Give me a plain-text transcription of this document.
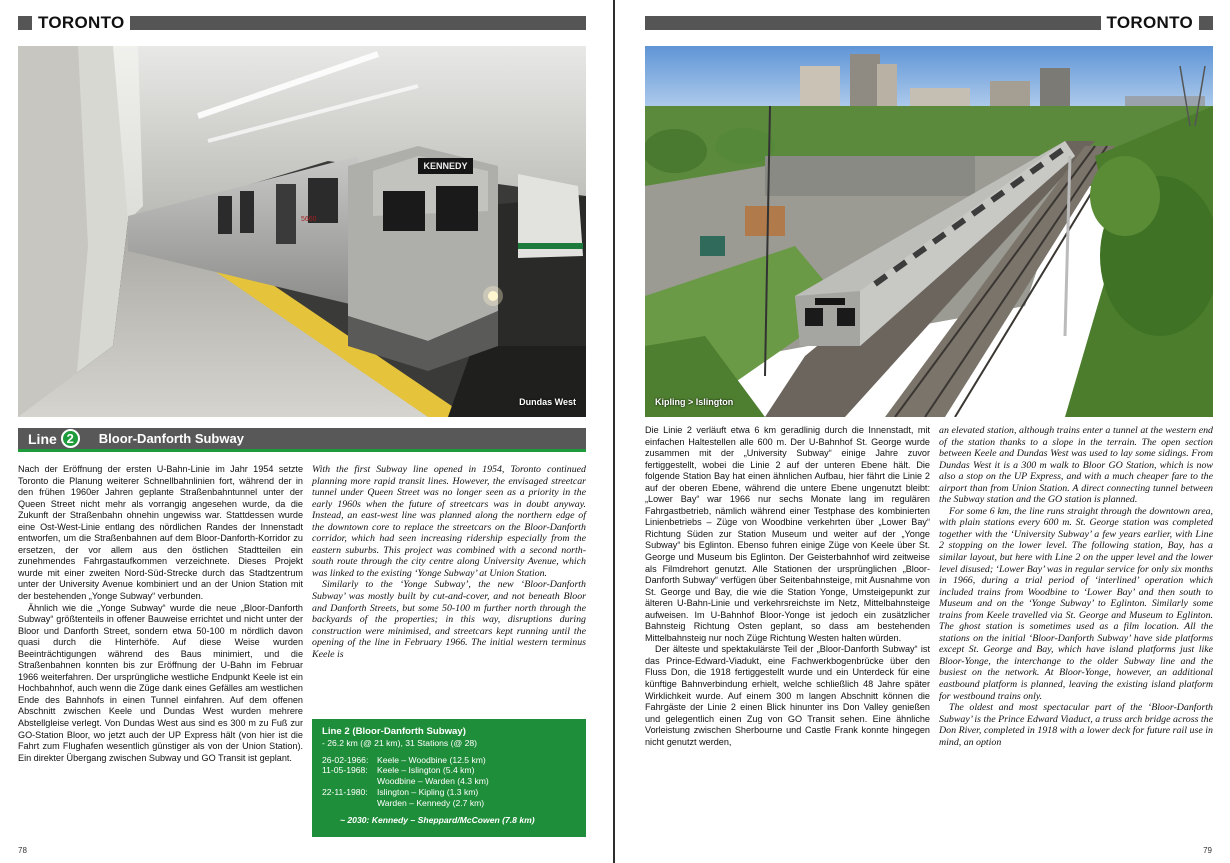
TORONTO
KENNEDY
5660
Dundas West
Line 2	Bloor-Danforth Subway

Nach der Eröffnung der ersten U-Bahn-Linie im Jahr 1954 setzte Toronto die Planung weiterer Schnellbahnlinien fort, während der in den frühen 1960er Jahren geplante Straßenbahntunnel unter der Queen Street nicht mehr als vorrangig angesehen wurde, da die Zukunft der Straßenbahn ohnehin ungewiss war. Stattdessen wurde eine Ost-West-Linie entlang des nördlichen Randes der Innenstadt entworfen, um die Straßenbahnen auf dem Bloor-Danforth-Korridor zu ersetzen, der vor allem aus den östlichen Stadtteilen ein zunehmendes Fahrgastaufkommen verzeichnete. Dieses Projekt wurde mit einer zweiten Nord-Süd-Strecke durch das Stadtzentrum unter der University Avenue kombiniert und an der Union Station mit der bestehenden „Yonge Subway“ verbunden.

Ähnlich wie die „Yonge Subway“ wurde die neue „Bloor-Danforth Subway“ größtenteils in offener Bauweise errichtet und nicht unter der Bloor und Danforth Street, sondern etwa 50-100 m nördlich davon quasi durch die Hinterhöfe. Auf diese Weise wurden Beeinträchtigungen während des Baus minimiert, und die Straßenbahnen konnten bis zur Eröffnung der U-Bahn im Februar 1966 weiterfahren. Der ursprüngliche westliche Endpunkt Keele ist ein Hochbahnhof, auch wenn die Züge dank eines Gefälles am westlichen Ende des Bahnhofs in einen Tunnel einfahren. Auf dem offenen Abschnitt zwischen Keele und Dundas West wurden mehrere Abstellgleise verlegt. Von Dundas West aus sind es 300 m zu Fuß zur GO-Station Bloor, wo jetzt auch der UP Express hält (von hier ist die Fahrt zum Flughafen wesentlich günstiger als von der Union Station). Ein direkter Übergang zwischen Subway und GO Transit ist geplant.

With the first Subway line opened in 1954, Toronto continued planning more rapid transit lines. However, the envisaged streetcar tunnel under Queen Street was no longer seen as a priority in the early 1960s when the future of streetcars was in doubt anyway. Instead, an east-west line was planned along the northern edge of the downtown core to replace the streetcars on the Bloor-Danforth corridor, which had seen increasing ridership especially from the eastern suburbs. This project was combined with a second north-south route through the city centre along University Avenue, which was linked to the existing ‘Yonge Subway’ at Union Station.

Similarly to the ‘Yonge Subway’, the new ‘Bloor-Danforth Subway’ was mostly built by cut-and-cover, and not beneath Bloor and Danforth Streets, but some 50-100 m further north through the backyards of the properties; in this way, disruptions during construction were minimised, and streetcars kept running until the opening of the line in February 1966. The initial western terminus Keele is

Line 2 (Bloor-Danforth Subway)
- 26.2 km (@ 21 km), 31 Stations (@ 28)
26-02-1966:	Keele – Woodbine (12.5 km)
11-05-1968:	Keele – Islington (5.4 km)
Woodbine – Warden (4.3 km)
22-11-1980:	Islington – Kipling (1.3 km)
Warden – Kennedy (2.7 km)
~ 2030: Kennedy – Sheppard/McCowen (7.8 km)
78
TORONTO
Kipling > Islington

Die Linie 2 verläuft etwa 6 km geradlinig durch die Innenstadt, mit einfachen Haltestellen alle 600 m. Der U-Bahnhof St. George wurde zusammen mit der „University Subway“ einige Jahre zuvor fertiggestellt, wobei die Linie 2 auf der unteren Ebene hält. Die folgende Station Bay hat einen ähnlichen Aufbau, hier fährt die Linie 2 auf der oberen Ebene, während die untere Ebene ungenutzt bleibt: „Lower Bay“ war 1966 nur sechs Monate lang im regulären Fahrgastbetrieb, nämlich während einer Testphase des kombinierten Linienbetriebs – Züge von Woodbine verkehrten über „Lower Bay“ Richtung Süden zur Station Museum und weiter auf der „Yonge Subway“ bis Eglinton. Ebenso fuhren einige Züge von Keele über St. George und Museum bis Eglinton. Der Geisterbahnhof wird zeitweise als Filmdrehort genutzt. Alle Stationen der ursprünglichen „Bloor-Danforth Subway“ verfügen über Seitenbahnsteige, mit Ausnahme von St. George und Bay, die wie die Station Yonge, Umsteigepunkt zur älteren U-Bahn-Linie und verkehrsreichste im Netz, Mittelbahnsteige aufweisen. Im U-Bahnhof Bloor-Yonge ist jedoch ein zusätzlicher Bahnsteig Richtung Osten geplant, so dass am bestehenden Mittelbahnsteig nur noch Züge Richtung Westen halten würden.

Der älteste und spektakulärste Teil der „Bloor-Danforth Subway“ ist das Prince-Edward-Viadukt, eine Fachwerkbogenbrücke über den Fluss Don, die 1918 fertiggestellt wurde und ein Unterdeck für eine künftige Bahnverbindung erhielt, welche schließlich 48 Jahre später Wirklichkeit wurde. Auf einem 300 m langen Abschnitt können die Fahrgäste der Linie 2 einen Blick hinunter ins Don Valley genießen und gelegentlich einen Zug von GO Transit sehen. Eine ähnliche Vorleistung zwischen Sherbourne und Castle Frank konnte hingegen nicht genutzt werden,

an elevated station, although trains enter a tunnel at the western end of the station thanks to a slope in the terrain. The open section between Keele and Dundas West was used to lay some sidings. From Dundas West it is a 300 m walk to Bloor GO Station, which is now also a stop on the UP Express, and with a much cheaper fare to the airport than from Union Station. A direct connecting tunnel between the Subway station and the GO station is planned.

For some 6 km, the line runs straight through the downtown area, with plain stations every 600 m. St. George station was completed together with the ‘University Subway’ a few years earlier, with Line 2 stopping on the lower level. The following station, Bay, has a similar layout, but here with Line 2 on the upper level and the lower level disused; ‘Lower Bay’ was in regular service for only six months in 1966, during a trial period of ‘interlined’ operation which included trains from Woodbine to ‘Lower Bay’ and then south to Museum and on the ‘Yonge Subway’ to Eglinton. Similarly some trains from Keele travelled via St. George and Museum to Eglinton. The ghost station is sometimes used as a film location. All the stations on the initial ‘Bloor-Danforth Subway’ have side platforms except St. George and Bay, which have island platforms just like Bloor-Yonge, the interchange to the older Subway line and the busiest on the network. At Bloor-Yonge, however, an additional eastbound platform is planned, leaving the existing island platform for westbound trains only.

The oldest and most spectacular part of the ‘Bloor-Danforth Subway’ is the Prince Edward Viaduct, a truss arch bridge across the Don River, completed in 1918 with a lower deck for future rail use in mind, an option

79
